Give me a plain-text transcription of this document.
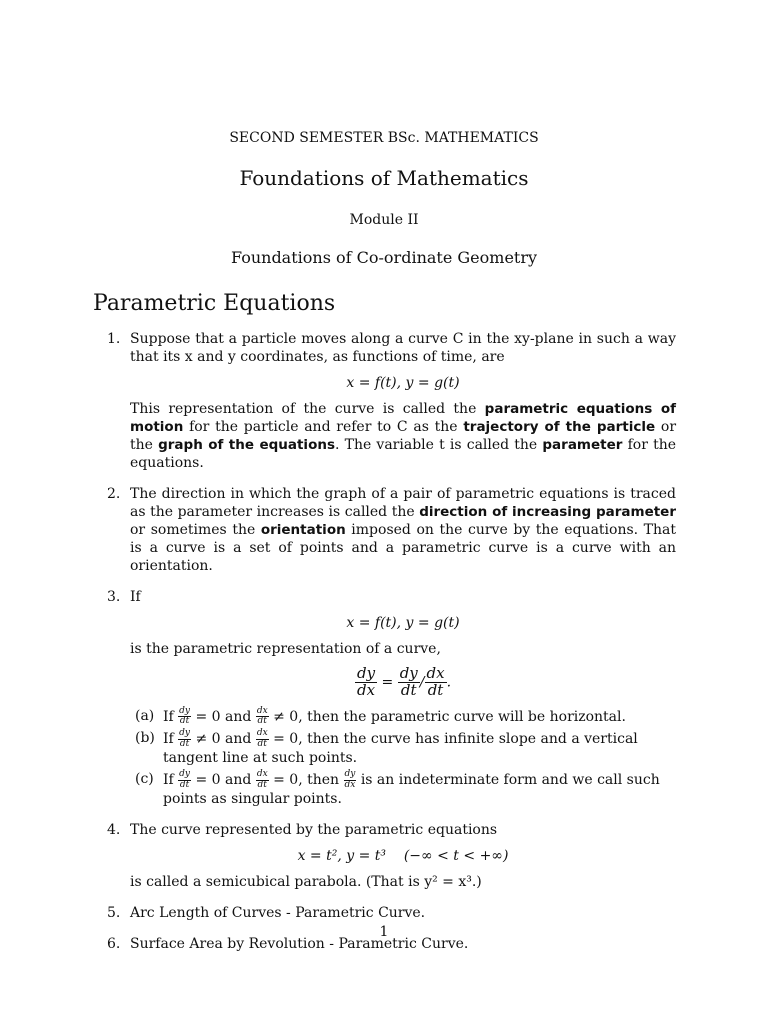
SECOND SEMESTER BSc. MATHEMATICS
Foundations of Mathematics
Module II
Foundations of Co-ordinate Geometry
Parametric Equations
1. Suppose that a particle moves along a curve C in the xy-plane in such a way that its x and y coordinates, as functions of time, are
x = f(t), y = g(t)
This representation of the curve is called the parametric equations of motion for the particle and refer to C as the trajectory of the particle or the graph of the equations. The variable t is called the parameter for the equations.
2. The direction in which the graph of a pair of parametric equations is traced as the parameter increases is called the direction of increasing parameter or sometimes the orientation imposed on the curve by the equations. That is a curve is a set of points and a parametric curve is a curve with an orientation.
3. If
x = f(t), y = g(t)
is the parametric representation of a curve,
$\frac{dy}{dx} = \frac{dy}{dt} / \frac{dx}{dt}$ .
(a) If $\frac{dy}{dt} = 0$ and $\frac{dx}{dt} \ne 0$, then the parametric curve will be horizontal.
(b) If $\frac{dy}{dt} \ne 0$ and $\frac{dx}{dt} = 0$, then the curve has infinite slope and a vertical tangent line at such points.
(c) If $\frac{dy}{dt} = 0$ and $\frac{dx}{dt} = 0$, then $\frac{dy}{dx}$ is an indeterminate form and we call such points as singular points.
4. The curve represented by the parametric equations
x = t², y = t³    (−∞ < t < +∞)
is called a semicubical parabola. (That is y² = x³.)
5. Arc Length of Curves - Parametric Curve.
6. Surface Area by Revolution - Parametric Curve.
1
